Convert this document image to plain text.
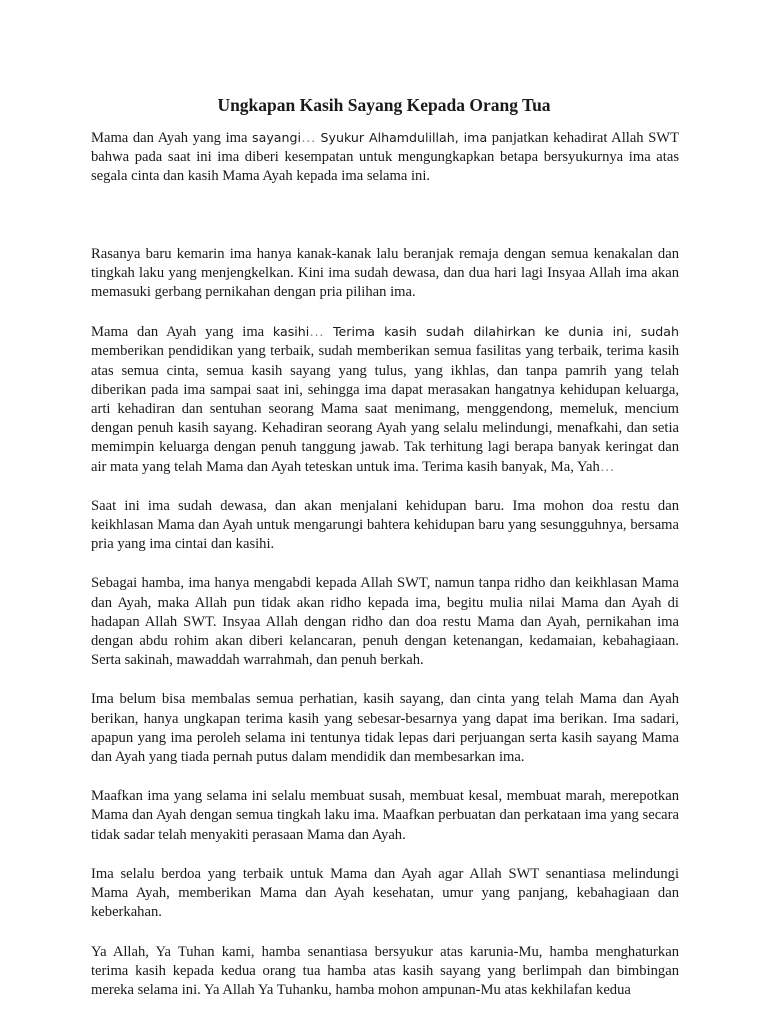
Ungkapan Kasih Sayang Kepada Orang Tua

Mama dan Ayah yang ima sayangi… Syukur Alhamdulillah, ima panjatkan kehadirat Allah SWT bahwa pada saat ini ima diberi kesempatan untuk mengungkapkan betapa bersyukurnya ima atas segala cinta dan kasih Mama Ayah kepada ima selama ini.

Rasanya baru kemarin ima hanya kanak-kanak lalu beranjak remaja dengan semua kenakalan dan tingkah laku yang menjengkelkan. Kini ima sudah dewasa, dan dua hari lagi Insyaa Allah ima akan memasuki gerbang pernikahan dengan pria pilihan ima.

Mama dan Ayah yang ima kasihi… Terima kasih sudah dilahirkan ke dunia ini, sudah memberikan pendidikan yang terbaik, sudah memberikan semua fasilitas yang terbaik, terima kasih atas semua cinta, semua kasih sayang yang tulus, yang ikhlas, dan tanpa pamrih yang telah diberikan pada ima sampai saat ini, sehingga ima dapat merasakan hangatnya kehidupan keluarga, arti kehadiran dan sentuhan seorang Mama saat menimang, menggendong, memeluk, mencium dengan penuh kasih sayang. Kehadiran seorang Ayah yang selalu melindungi, menafkahi, dan setia memimpin keluarga dengan penuh tanggung jawab. Tak terhitung lagi berapa banyak keringat dan air mata yang telah Mama dan Ayah teteskan untuk ima. Terima kasih banyak, Ma, Yah…

Saat ini ima sudah dewasa, dan akan menjalani kehidupan baru. Ima mohon doa restu dan keikhlasan Mama dan Ayah untuk mengarungi bahtera kehidupan baru yang sesungguhnya, bersama pria yang ima cintai dan kasihi.

Sebagai hamba, ima hanya mengabdi kepada Allah SWT, namun tanpa ridho dan keikhlasan Mama dan Ayah, maka Allah pun tidak akan ridho kepada ima, begitu mulia nilai Mama dan Ayah di hadapan Allah SWT. Insyaa Allah dengan ridho dan doa restu Mama dan Ayah, pernikahan ima dengan abdu rohim akan diberi kelancaran, penuh dengan ketenangan, kedamaian, kebahagiaan. Serta sakinah, mawaddah warrahmah, dan penuh berkah.

Ima belum bisa membalas semua perhatian, kasih sayang, dan cinta yang telah Mama dan Ayah berikan, hanya ungkapan terima kasih yang sebesar-besarnya yang dapat ima berikan. Ima sadari, apapun yang ima peroleh selama ini tentunya tidak lepas dari perjuangan serta kasih sayang Mama dan Ayah yang tiada pernah putus dalam mendidik dan membesarkan ima.

Maafkan ima yang selama ini selalu membuat susah, membuat kesal, membuat marah, merepotkan Mama dan Ayah dengan semua tingkah laku ima. Maafkan perbuatan dan perkataan ima yang secara tidak sadar telah menyakiti perasaan Mama dan Ayah.

Ima selalu berdoa yang terbaik untuk Mama dan Ayah agar Allah SWT senantiasa melindungi Mama Ayah, memberikan Mama dan Ayah kesehatan, umur yang panjang, kebahagiaan dan keberkahan.

Ya Allah, Ya Tuhan kami, hamba senantiasa bersyukur atas karunia-Mu, hamba menghaturkan terima kasih kepada kedua orang tua hamba atas kasih sayang yang berlimpah dan bimbingan mereka selama ini. Ya Allah Ya Tuhanku, hamba mohon ampunan-Mu atas kekhilafan kedua
